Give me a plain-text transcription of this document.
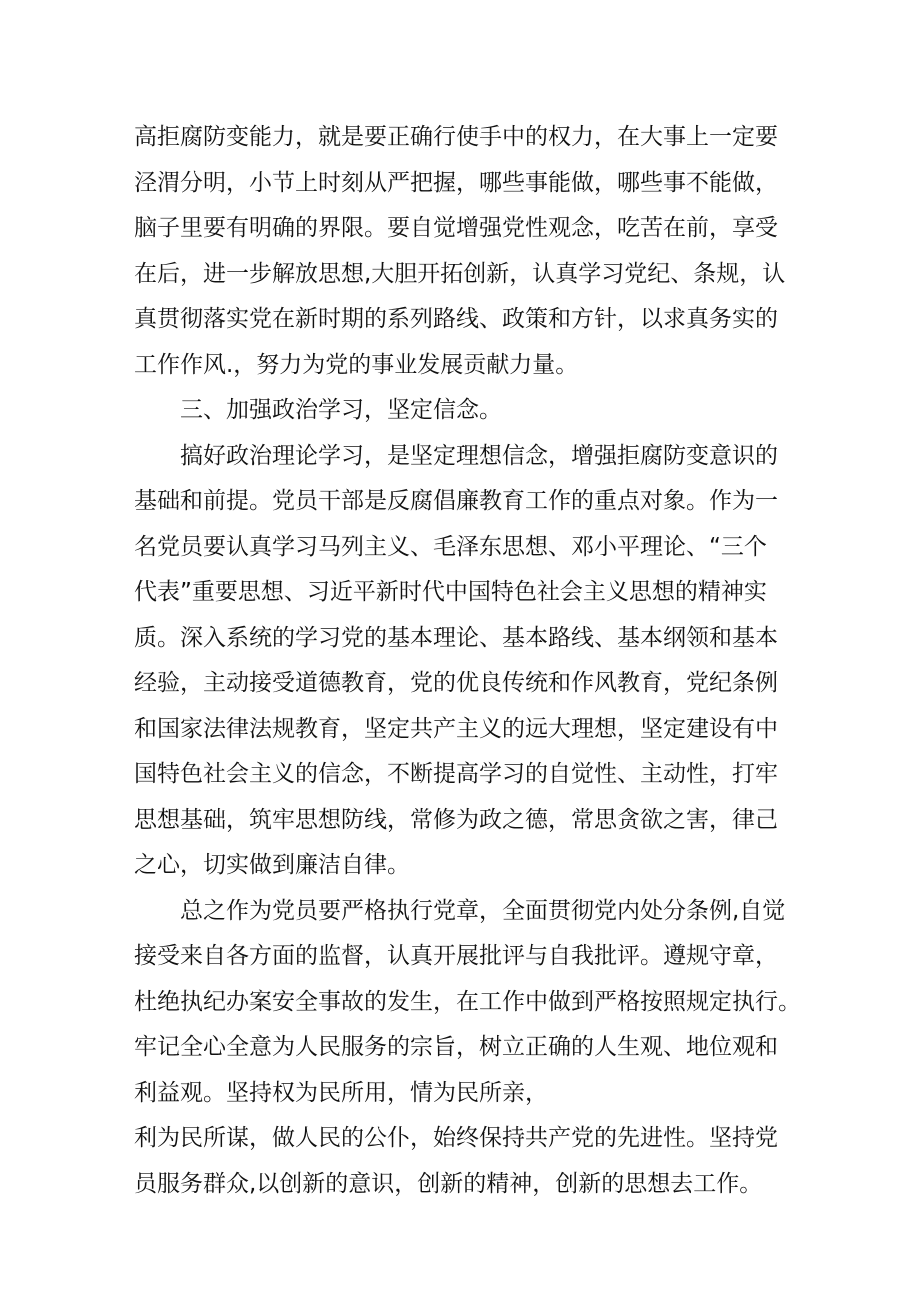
高拒腐防变能力，就是要正确行使手中的权力，在大事上一定要
泾渭分明，小节上时刻从严把握，哪些事能做，哪些事不能做，
脑子里要有明确的界限。要自觉增强党性观念，吃苦在前，享受
在后，进一步解放思想,大胆开拓创新，认真学习党纪、条规，认
真贯彻落实党在新时期的系列路线、政策和方针，以求真务实的
工作作风.，努力为党的事业发展贡献力量。
三、加强政治学习，坚定信念。
搞好政治理论学习，是坚定理想信念，增强拒腐防变意识的
基础和前提。党员干部是反腐倡廉教育工作的重点对象。作为一
名党员要认真学习马列主义、毛泽东思想、邓小平理论、“三个
代表”重要思想、习近平新时代中国特色社会主义思想的精神实
质。深入系统的学习党的基本理论、基本路线、基本纲领和基本
经验，主动接受道德教育，党的优良传统和作风教育，党纪条例
和国家法律法规教育，坚定共产主义的远大理想，坚定建设有中
国特色社会主义的信念，不断提高学习的自觉性、主动性，打牢
思想基础，筑牢思想防线，常修为政之德，常思贪欲之害，律己
之心，切实做到廉洁自律。
总之作为党员要严格执行党章，全面贯彻党内处分条例,自觉
接受来自各方面的监督，认真开展批评与自我批评。遵规守章，
杜绝执纪办案安全事故的发生，在工作中做到严格按照规定执行。
牢记全心全意为人民服务的宗旨，树立正确的人生观、地位观和
利益观。坚持权为民所用，情为民所亲，
利为民所谋，做人民的公仆，始终保持共产党的先进性。坚持党
员服务群众,以创新的意识，创新的精神，创新的思想去工作。
